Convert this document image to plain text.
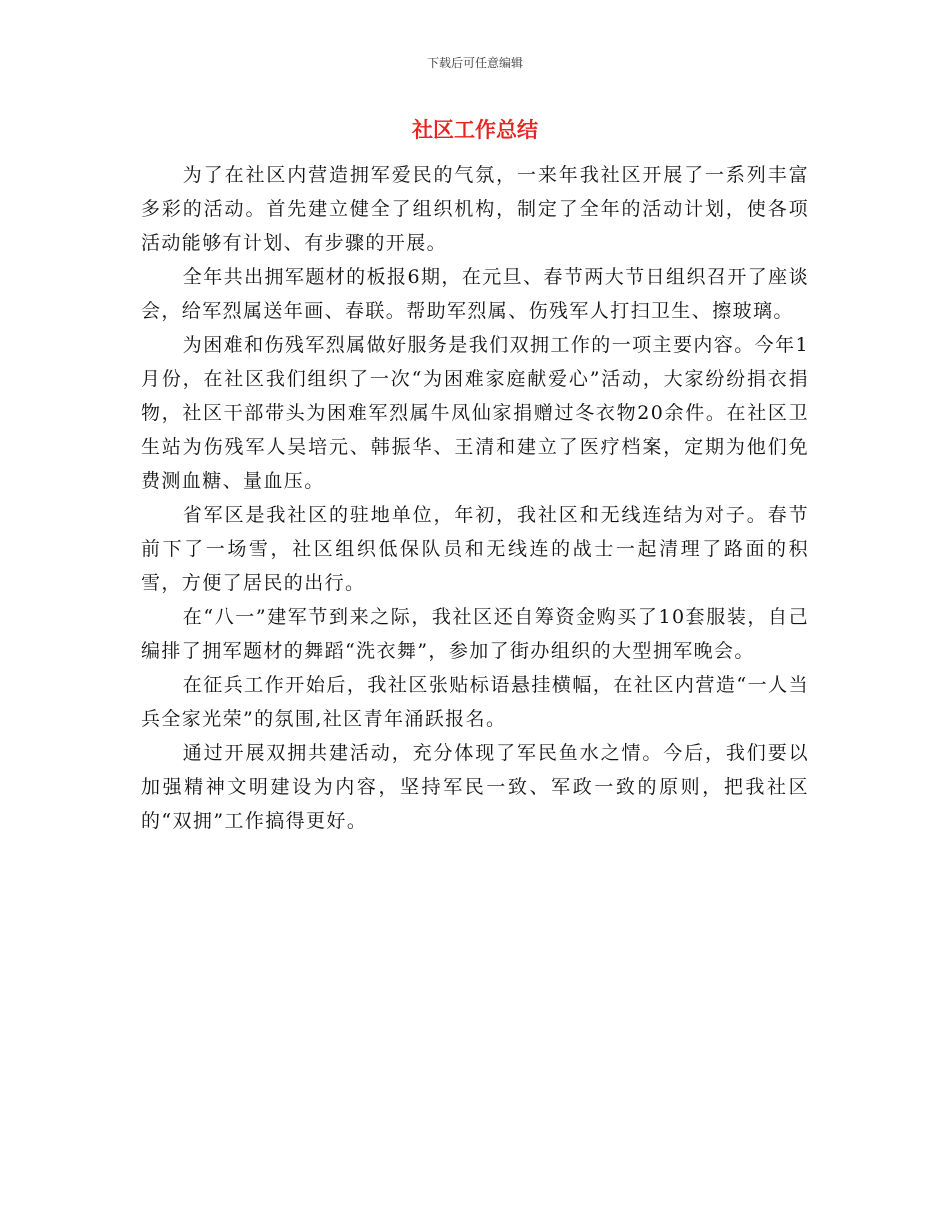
下载后可任意编辑
社区工作总结

为了在社区内营造拥军爱民的气氛，一来年我社区开展了一系列丰富多彩的活动。首先建立健全了组织机构，制定了全年的活动计划，使各项活动能够有计划、有步骤的开展。

全年共出拥军题材的板报6期，在元旦、春节两大节日组织召开了座谈会，给军烈属送年画、春联。帮助军烈属、伤残军人打扫卫生、擦玻璃。

为困难和伤残军烈属做好服务是我们双拥工作的一项主要内容。今年1月份，在社区我们组织了一次“为困难家庭献爱心”活动，大家纷纷捐衣捐物，社区干部带头为困难军烈属牛凤仙家捐赠过冬衣物20余件。在社区卫生站为伤残军人吴培元、韩振华、王清和建立了医疗档案，定期为他们免费测血糖、量血压。

省军区是我社区的驻地单位，年初，我社区和无线连结为对子。春节前下了一场雪，社区组织低保队员和无线连的战士一起清理了路面的积雪，方便了居民的出行。

在“八一”建军节到来之际，我社区还自筹资金购买了10套服装，自己编排了拥军题材的舞蹈“洗衣舞”，参加了街办组织的大型拥军晚会。

在征兵工作开始后，我社区张贴标语悬挂横幅，在社区内营造“一人当兵全家光荣”的氛围,社区青年涌跃报名。

通过开展双拥共建活动，充分体现了军民鱼水之情。今后，我们要以加强精神文明建设为内容，坚持军民一致、军政一致的原则，把我社区的“双拥”工作搞得更好。
